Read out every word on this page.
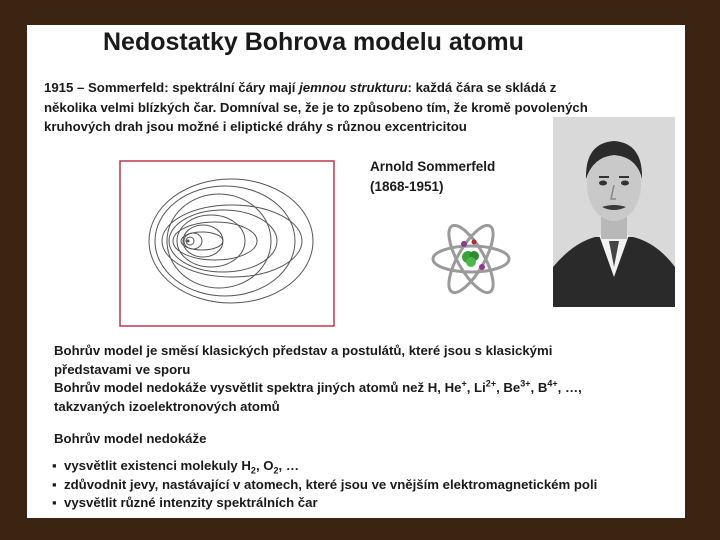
Nedostatky Bohrova modelu atomu
1915 – Sommerfeld: spektrální čáry mají jemnou strukturu: každá čára se skládá z
několika velmi blízkých čar. Domníval se, že je to způsobeno tím, že kromě povolených
kruhových drah jsou možné i eliptické dráhy s různou excentricitou
Arnold Sommerfeld
(1868-1951)
Bohrův model je směsí klasických představ a postulátů, které jsou s klasickými
představami ve sporu
Bohrův model nedokáže vysvětlit spektra jiných atomů než H, He+, $Li^{2+}$, $Be^{3+}$, $B^{4+}$, …,
takzvaných izoelektronových atomů
Bohrův model nedokáže
▪ vysvětlit existenci molekuly $H_2$, $O_2$, …
▪ zdůvodnit jevy, nastávající v atomech, které jsou ve vnějším elektromagnetickém poli
▪ vysvětlit různé intenzity spektrálních čar
